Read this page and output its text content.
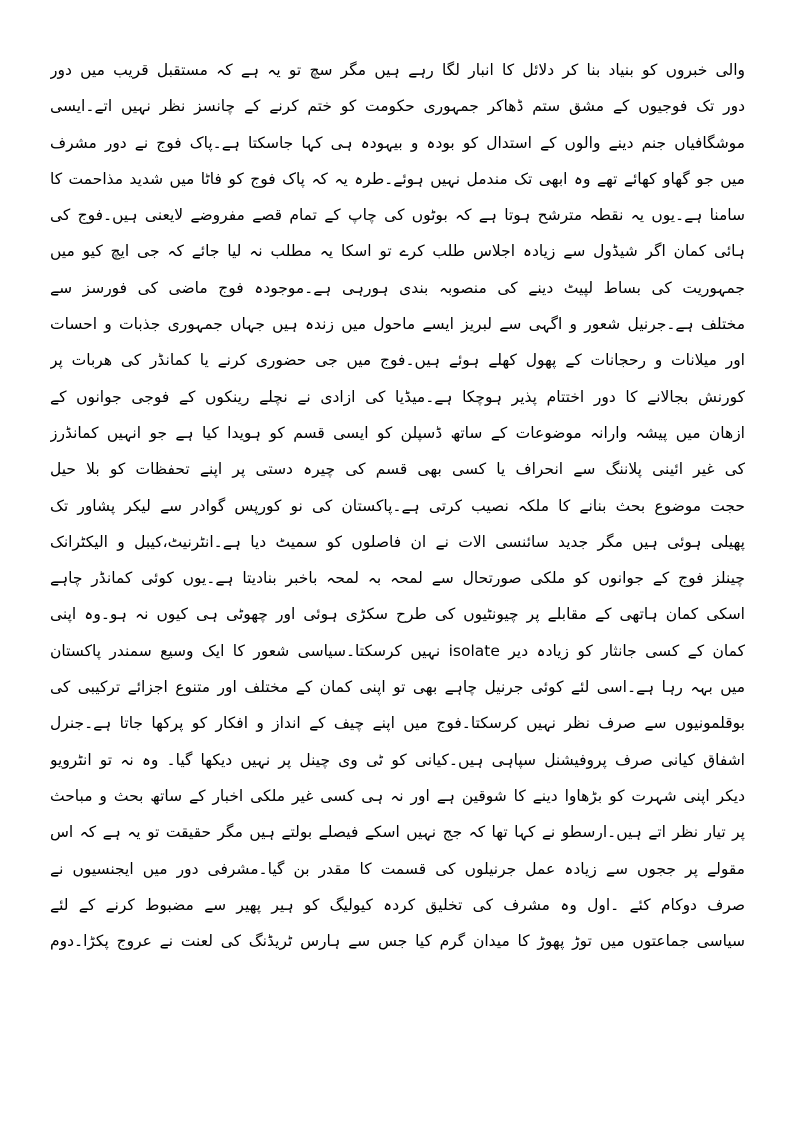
والی خبروں کو بنیاد بنا کر دلائل کا انبار لگا رہے ہیں مگر سچ تو یہ ہے کہ مستقبل قریب میں دور
دور تک فوجیوں کے مشق ستم ڈھاکر جمہوری حکومت کو ختم کرنے کے چانسز نظر نہیں اتے۔ایسی
موشگافیاں جنم دینے والوں کے استدال کو بودہ و بیہودہ ہی کہا جاسکتا ہے۔پاک فوج نے دور مشرف
میں جو گھاو کھائے تھے وہ ابھی تک مندمل نہیں ہوئے۔طرہ یہ کہ پاک فوج کو فاٹا میں شدید مذاحمت کا
سامنا ہے۔یوں یہ نقطہ مترشح ہوتا ہے کہ بوٹوں کی چاپ کے تمام قصے مفروضے لایعنی ہیں۔فوج کی
ہائی کمان اگر شیڈول سے زیادہ اجلاس طلب کرے تو اسکا یہ مطلب نہ لیا جائے کہ جی ایچ کیو میں
جمہوریت کی بساط لپیٹ دینے کی منصوبہ بندی ہورہی ہے۔موجودہ فوج ماضی کی فورسز سے
مختلف ہے۔جرنیل شعور و اگہی سے لبریز ایسے ماحول میں زندہ ہیں جہاں جمہوری جذبات و احسات
اور میلانات و رحجانات کے پھول کھلے ہوئے ہیں۔فوج میں جی حضوری کرنے یا کمانڈر کی ھربات پر
کورنش بجالانے کا دور اختتام پذیر ہوچکا ہے۔میڈیا کی ازادی نے نچلے رینکوں کے فوجی جوانوں کے
ازھان میں پیشہ وارانہ موضوعات کے ساتھ ڈسپلن کو ایسی قسم کو ہویدا کیا ہے جو انہیں کمانڈرز
کی غیر ائینی پلاننگ سے انحراف یا کسی بھی قسم کی چیرہ دستی پر اپنے تحفظات کو بلا حیل
حجت موضوع بحث بنانے کا ملکہ نصیب کرتی ہے۔پاکستان کی نو کورپس گوادر سے لیکر پشاور تک
پھیلی ہوئی ہیں مگر جدید سائنسی الات نے ان فاصلوں کو سمیٹ دیا ہے۔انٹرنیٹ،کیبل و الیکٹرانک
چینلز فوج کے جوانوں کو ملکی صورتحال سے لمحہ بہ لمحہ باخبر بنادیتا ہے۔یوں کوئی کمانڈر چاہے
اسکی کمان ہاتھی کے مقابلے پر چیونٹیوں کی طرح سکڑی ہوئی اور چھوٹی ہی کیوں نہ ہو۔وہ اپنی
کمان کے کسی جانثار کو زیادہ دیر isolate نہیں کرسکتا۔سیاسی شعور کا ایک وسیع سمندر پاکستان
میں بہہ رہا ہے۔اسی لئے کوئی جرنیل چاہے بھی تو اپنی کمان کے مختلف اور متنوع اجزائے ترکیبی کی
بوقلمونیوں سے صرف نظر نہیں کرسکتا۔فوج میں اپنے چیف کے انداز و افکار کو پرکھا جاتا ہے۔جنرل
اشفاق کیانی صرف پروفیشنل سپاہی ہیں۔کیانی کو ٹی وی چینل پر نہیں دیکھا گیا۔ وہ نہ تو انٹرویو
دیکر اپنی شہرت کو بڑھاوا دینے کا شوقین ہے اور نہ ہی کسی غیر ملکی اخبار کے ساتھ بحث و مباحث
پر تیار نظر اتے ہیں۔ارسطو نے کہا تھا کہ جج نہیں اسکے فیصلے بولتے ہیں مگر حقیقت تو یہ ہے کہ اس
مقولے پر ججوں سے زیادہ عمل جرنیلوں کی قسمت کا مقدر بن گیا۔مشرفی دور میں ایجنسیوں نے
صرف دوکام کئے ۔اول وہ مشرف کی تخلیق کردہ کیولیگ کو ہیر پھیر سے مضبوط کرنے کے لئے
سیاسی جماعتوں میں توڑ پھوڑ کا میدان گرم کیا جس سے ہارس ٹریڈنگ کی لعنت نے عروج پکڑا۔دوم
